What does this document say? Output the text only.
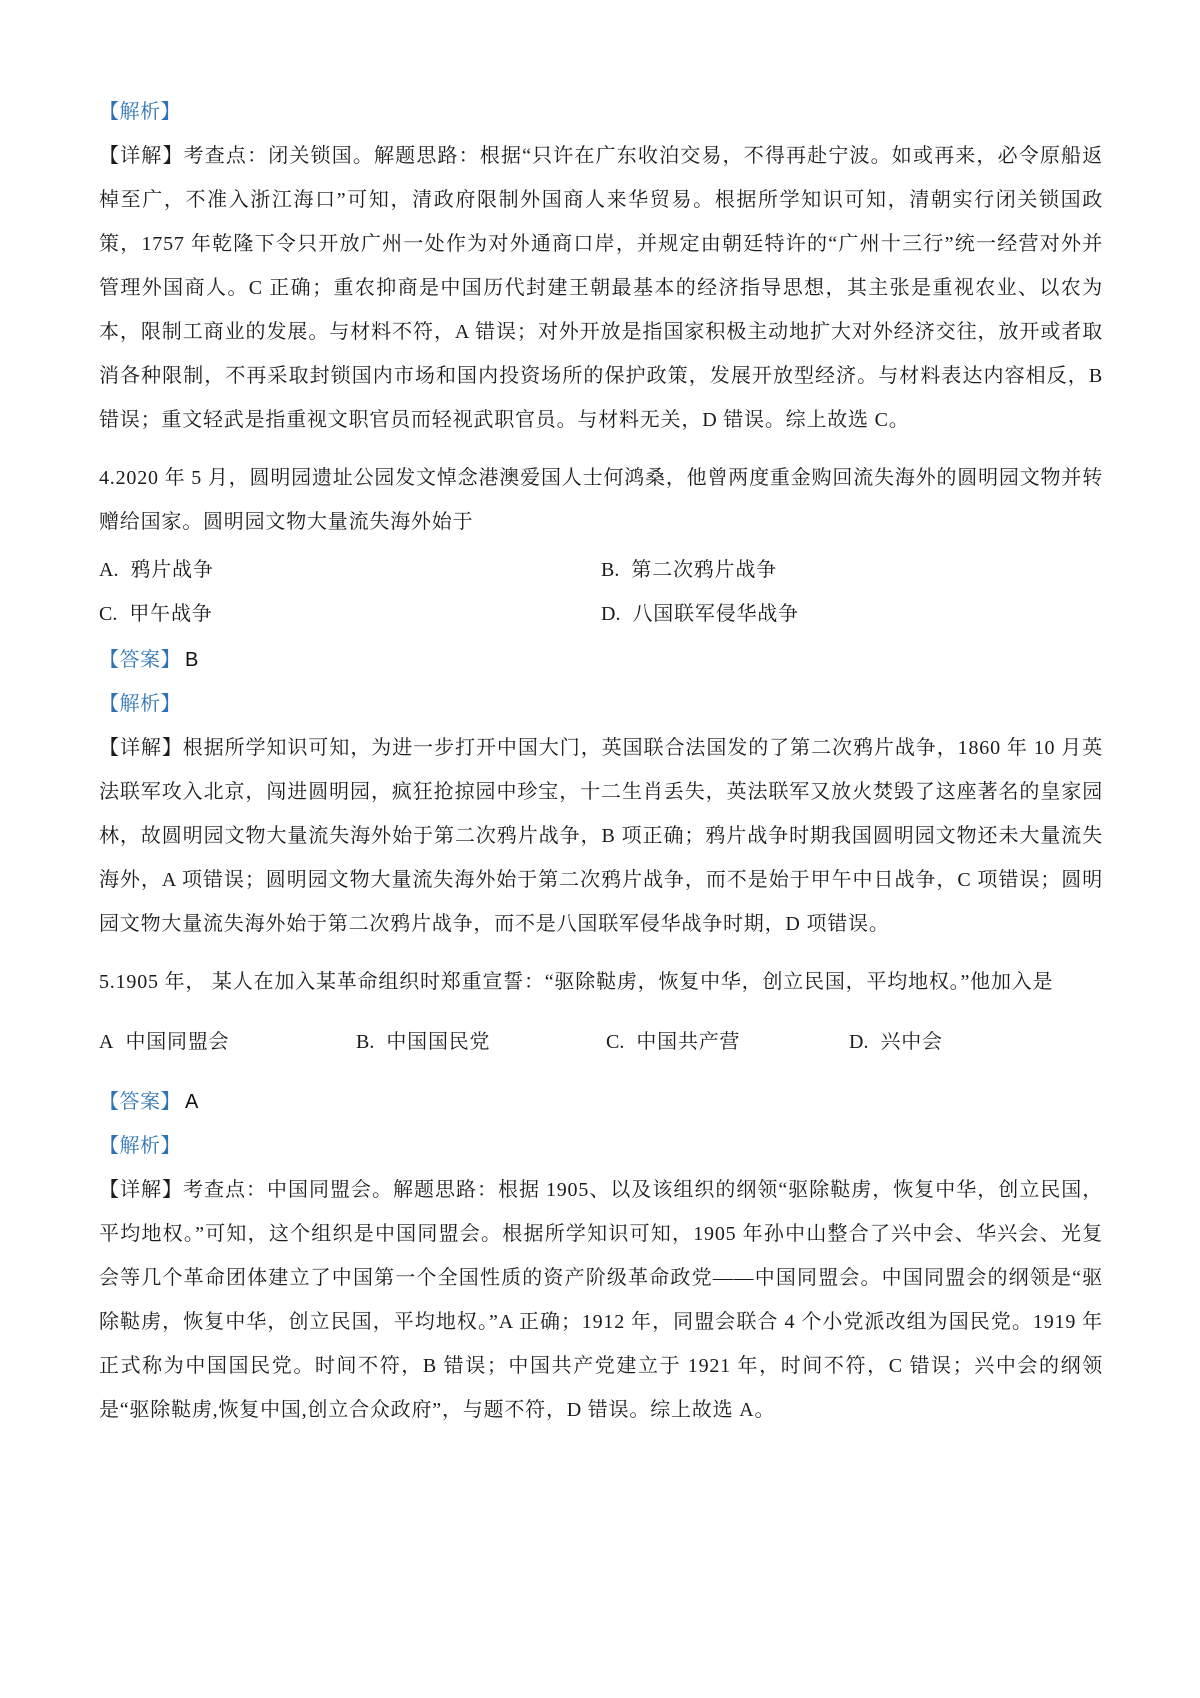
【解析】

【详解】考查点：闭关锁国。解题思路：根据“只许在广东收泊交易，不得再赴宁波。如或再来，必令原船返棹至广，不准入浙江海口”可知，清政府限制外国商人来华贸易。根据所学知识可知，清朝实行闭关锁国政策，1757 年乾隆下令只开放广州一处作为对外通商口岸，并规定由朝廷特许的“广州十三行”统一经营对外并管理外国商人。C 正确；重农抑商是中国历代封建王朝最基本的经济指导思想，其主张是重视农业、以农为本，限制工商业的发展。与材料不符，A 错误；对外开放是指国家积极主动地扩大对外经济交往，放开或者取消各种限制，不再采取封锁国内市场和国内投资场所的保护政策，发展开放型经济。与材料表达内容相反，B 错误；重文轻武是指重视文职官员而轻视武职官员。与材料无关，D 错误。综上故选 C。

4.2020 年 5 月，圆明园遗址公园发文悼念港澳爱国人士何鸿桑，他曾两度重金购回流失海外的圆明园文物并转赠给国家。圆明园文物大量流失海外始于

A. 鸦片战争	B. 第二次鸦片战争
C. 甲午战争	D. 八国联军侵华战争
【答案】 B
【解析】

【详解】根据所学知识可知，为进一步打开中国大门，英国联合法国发的了第二次鸦片战争，1860 年 10 月英法联军攻入北京，闯进圆明园，疯狂抢掠园中珍宝，十二生肖丢失，英法联军又放火焚毁了这座著名的皇家园林，故圆明园文物大量流失海外始于第二次鸦片战争，B 项正确；鸦片战争时期我国圆明园文物还未大量流失海外，A 项错误；圆明园文物大量流失海外始于第二次鸦片战争，而不是始于甲午中日战争，C 项错误；圆明园文物大量流失海外始于第二次鸦片战争，而不是八国联军侵华战争时期，D 项错误。

5.1905 年， 某人在加入某革命组织时郑重宣誓：“驱除鞑虏，恢复中华，创立民国，平均地权。”他加入是

A 中国同盟会	B. 中国国民党	C. 中国共产营	D. 兴中会
【答案】 A
【解析】

【详解】考查点：中国同盟会。解题思路：根据 1905、以及该组织的纲领“驱除鞑虏，恢复中华，创立民国，平均地权。”可知，这个组织是中国同盟会。根据所学知识可知，1905 年孙中山整合了兴中会、华兴会、光复会等几个革命团体建立了中国第一个全国性质的资产阶级革命政党——中国同盟会。中国同盟会的纲领是“驱除鞑虏，恢复中华，创立民国，平均地权。”A 正确；1912 年，同盟会联合 4 个小党派改组为国民党。1919 年正式称为中国国民党。时间不符，B 错误；中国共产党建立于 1921 年，时间不符，C 错误；兴中会的纲领是“驱除鞑虏,恢复中国,创立合众政府”，与题不符，D 错误。综上故选 A。
